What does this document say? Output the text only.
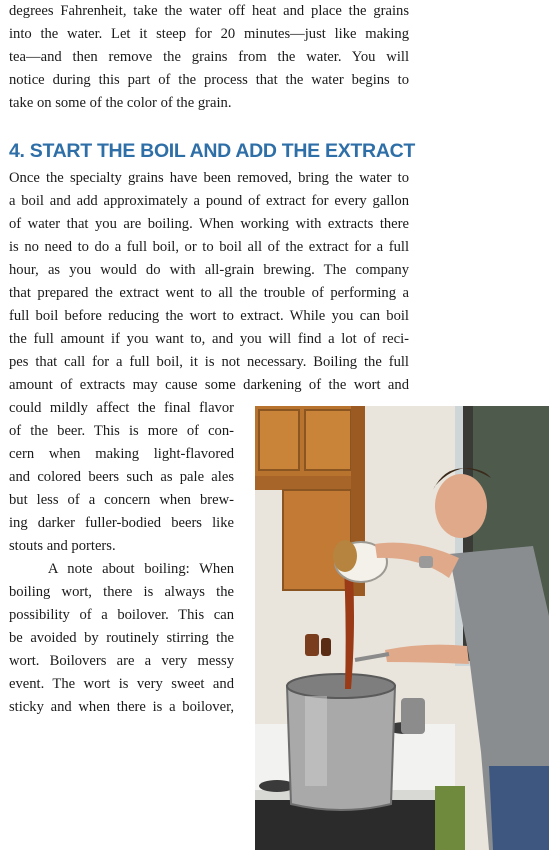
degrees Fahrenheit, take the water off heat and place the grains
into the water. Let it steep for 20 minutes—just like making
tea—and then remove the grains from the water. You will
notice during this part of the process that the water begins to
take on some of the color of the grain.

4. START THE BOIL AND ADD THE EXTRACT

Once the specialty grains have been removed, bring the water to
a boil and add approximately a pound of extract for every gallon
of water that you are boiling. When working with extracts there
is no need to do a full boil, or to boil all of the extract for a full
hour, as you would do with all-grain brewing. The company
that prepared the extract went to all the trouble of performing a
full boil before reducing the wort to extract. While you can boil
the full amount if you want to, and you will find a lot of reci-
pes that call for a full boil, it is not necessary. Boiling the full
amount of extracts may cause some darkening of the wort and

could mildly affect the final flavor
of the beer. This is more of con-
cern when making light-flavored
and colored beers such as pale ales
but less of a concern when brew-
ing darker fuller-bodied beers like
stouts and porters.

A note about boiling: When
boiling wort, there is always the
possibility of a boilover. This can
be avoided by routinely stirring the
wort. Boilovers are a very messy
event. The wort is very sweet and
sticky and when there is a boilover,
